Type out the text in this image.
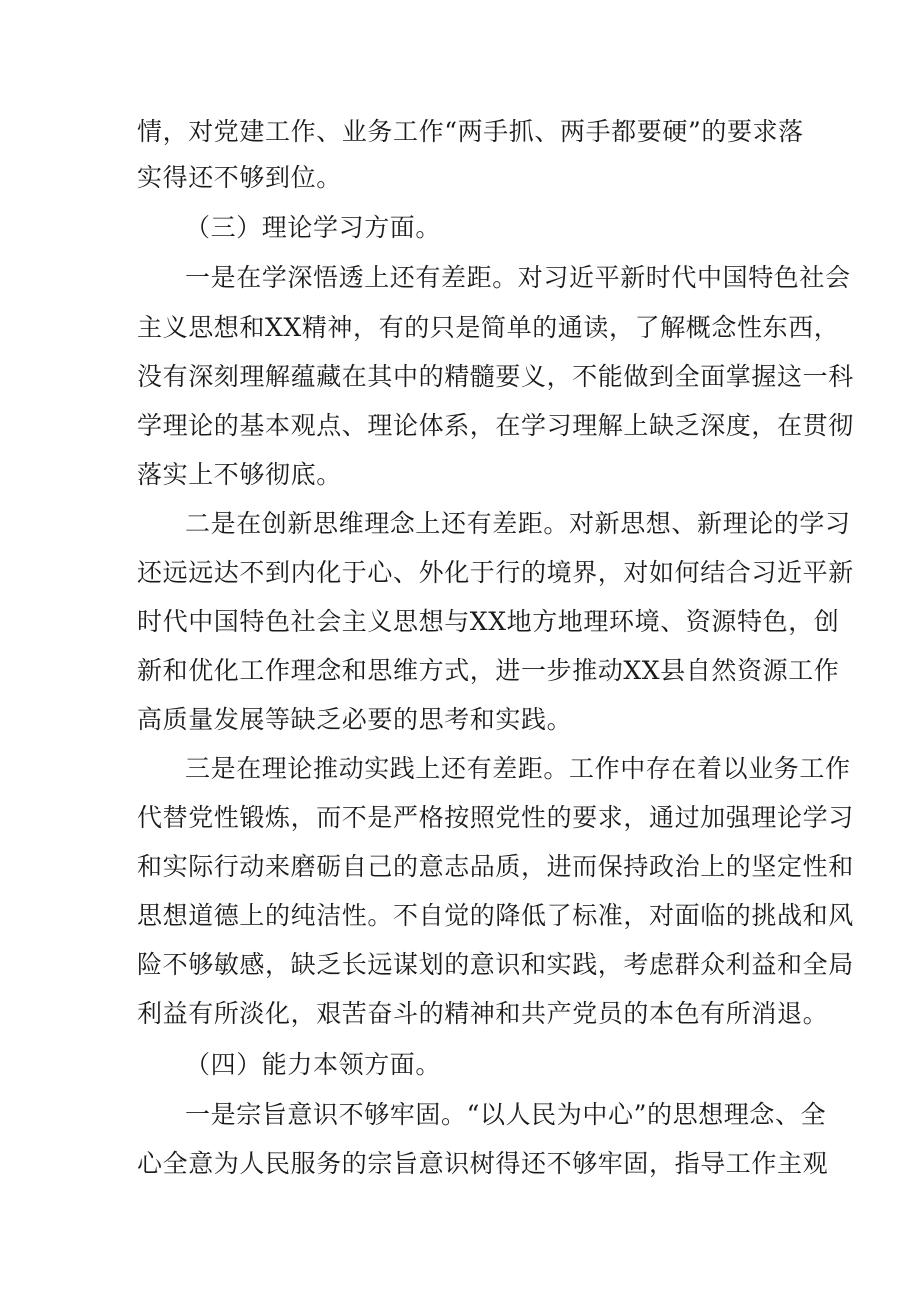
情，对党建工作、业务工作“两手抓、两手都要硬”的要求落
实得还不够到位。
（三）理论学习方面。
一是在学深悟透上还有差距。对习近平新时代中国特色社会
主义思想和XX精神，有的只是简单的通读，了解概念性东西，
没有深刻理解蕴藏在其中的精髓要义，不能做到全面掌握这一科
学理论的基本观点、理论体系，在学习理解上缺乏深度，在贯彻
落实上不够彻底。
二是在创新思维理念上还有差距。对新思想、新理论的学习
还远远达不到内化于心、外化于行的境界，对如何结合习近平新
时代中国特色社会主义思想与XX地方地理环境、资源特色，创
新和优化工作理念和思维方式，进一步推动XX县自然资源工作
高质量发展等缺乏必要的思考和实践。
三是在理论推动实践上还有差距。工作中存在着以业务工作
代替党性锻炼，而不是严格按照党性的要求，通过加强理论学习
和实际行动来磨砺自己的意志品质，进而保持政治上的坚定性和
思想道德上的纯洁性。不自觉的降低了标准，对面临的挑战和风
险不够敏感，缺乏长远谋划的意识和实践，考虑群众利益和全局
利益有所淡化，艰苦奋斗的精神和共产党员的本色有所消退。
（四）能力本领方面。
一是宗旨意识不够牢固。“以人民为中心”的思想理念、全
心全意为人民服务的宗旨意识树得还不够牢固，指导工作主观
